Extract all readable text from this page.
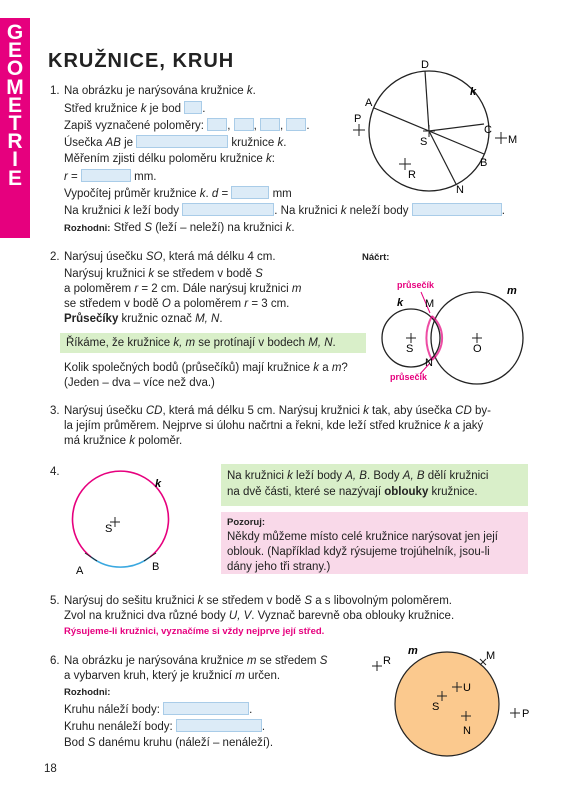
G
E
O
M
E
T
R
I
E
KRUŽNICE, KRUH
1. Na obrázku je narýsována kružnice k.
Střed kružnice k je bod .
Zapiš vyznačené poloměry: , , , .
Úsečka AB je	kružnice k.
Měřením zjisti délku poloměru kružnice k:
r =	mm.
Vypočítej průměr kružnice k. d =	mm
Na kružnici k leží body	. Na kružnici k neleží body	.
Rozhodni: Střed S (leží – neleží) na kružnici k.
D
k
A
P
C
M
S
R
B
N
2. Narýsuj úsečku SO, která má délku 4 cm.	Náčrt:
Narýsuj kružnici k se středem v bodě S
a poloměrem r = 2 cm. Dále narýsuj kružnici m
se středem v bodě O a poloměrem r = 3 cm.
Průsečíky kružnic označ M, N.
Říkáme, že kružnice k, m se protínají v bodech M, N.
Kolik společných bodů (průsečíků) mají kružnice k a m?
(Jeden – dva – více než dva.)
průsečík
průsečík
k M
m
S	O
N
3. Narýsuj úsečku CD, která má délku 5 cm. Narýsuj kružnici k tak, aby úsečka CD by-
la jejím průměrem. Nejprve si úlohu načrtni a řekni, kde leží střed kružnice k a jaký
má kružnice k poloměr.
4.
k
S
A	B
Na kružnici k leží body A, B. Body A, B dělí kružnici
na dvě části, které se nazývají oblouky kružnice.
Pozoruj:
Někdy můžeme místo celé kružnice narýsovat jen její
oblouk. (Například když rýsujeme trojúhelník, jsou-li
dány jeho tři strany.)
5. Narýsuj do sešitu kružnici k se středem v bodě S a s libovolným poloměrem.
Zvol na kružnici dva různé body U, V. Vyznač barevně oba oblouky kružnice.
Rýsujeme-li kružnici, vyznačíme si vždy nejprve její střed.
6. Na obrázku je narýsována kružnice m se středem S
a vybarven kruh, který je kružnicí m určen.
Rozhodni:
Kruhu náleží body:	.
Kruhu nenáleží body:	.
Bod S danému kruhu (náleží – nenáleží).
R
m	M
U
S
N
P
18
